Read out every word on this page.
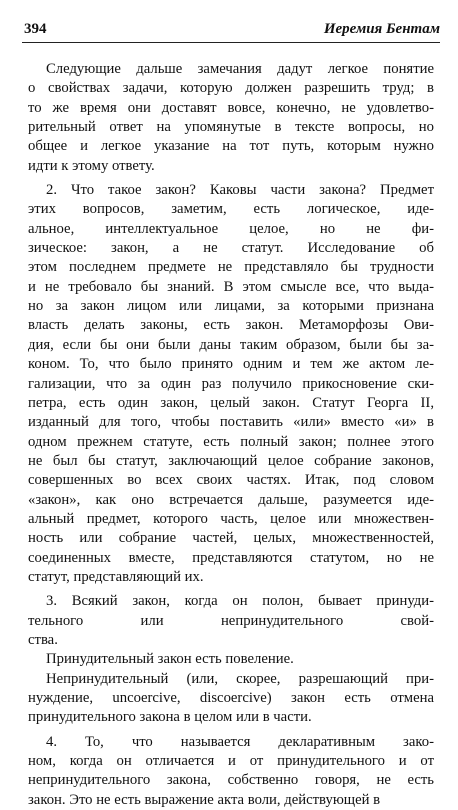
394	Иеремия Бентам
Следующие дальше замечания дадут легкое понятие
о свойствах задачи, которую должен разрешить труд; в
то же время они доставят вовсе, конечно, не удовлетво-
рительный ответ на упомянутые в тексте вопросы, но
общее и легкое указание на тот путь, которым нужно
идти к этому ответу.
2. Что такое закон? Каковы части закона? Предмет
этих вопросов, заметим, есть логическое, иде-
альное, интеллектуальное целое, но не фи-
зическое: закон, а не статут. Исследование об
этом последнем предмете не представляло бы трудности
и не требовало бы знаний. В этом смысле все, что выда-
но за закон лицом или лицами, за которыми признана
власть делать законы, есть закон. Метаморфозы Ови-
дия, если бы они были даны таким образом, были бы за-
коном. То, что было принято одним и тем же актом ле-
гализации, что за один раз получило прикосновение ски-
петра, есть один закон, целый закон. Статут Георга II,
изданный для того, чтобы поставить «или» вместо «и» в
одном прежнем статуте, есть полный закон; полнее этого
не был бы статут, заключающий целое собрание законов,
совершенных во всех своих частях. Итак, под словом
«закон», как оно встречается дальше, разумеется иде-
альный предмет, которого часть, целое или множествен-
ность или собрание частей, целых, множественностей,
соединенных вместе, представляются статутом, но не
статут, представляющий их.
3. Всякий закон, когда он полон, бывает принуди-
тельного или непринудительного свой-
ства.
Принудительный закон есть повеление.
Непринудительный (или, скорее, разрешающий при-
нуждение, uncoercive, discoercive) закон есть отмена
принудительного закона в целом или в части.
4. То, что называется декларативным зако-
ном, когда он отличается и от принудительного и от
непринудительного закона, собственно говоря, не есть
закон. Это не есть выражение акта воли, действующей в
